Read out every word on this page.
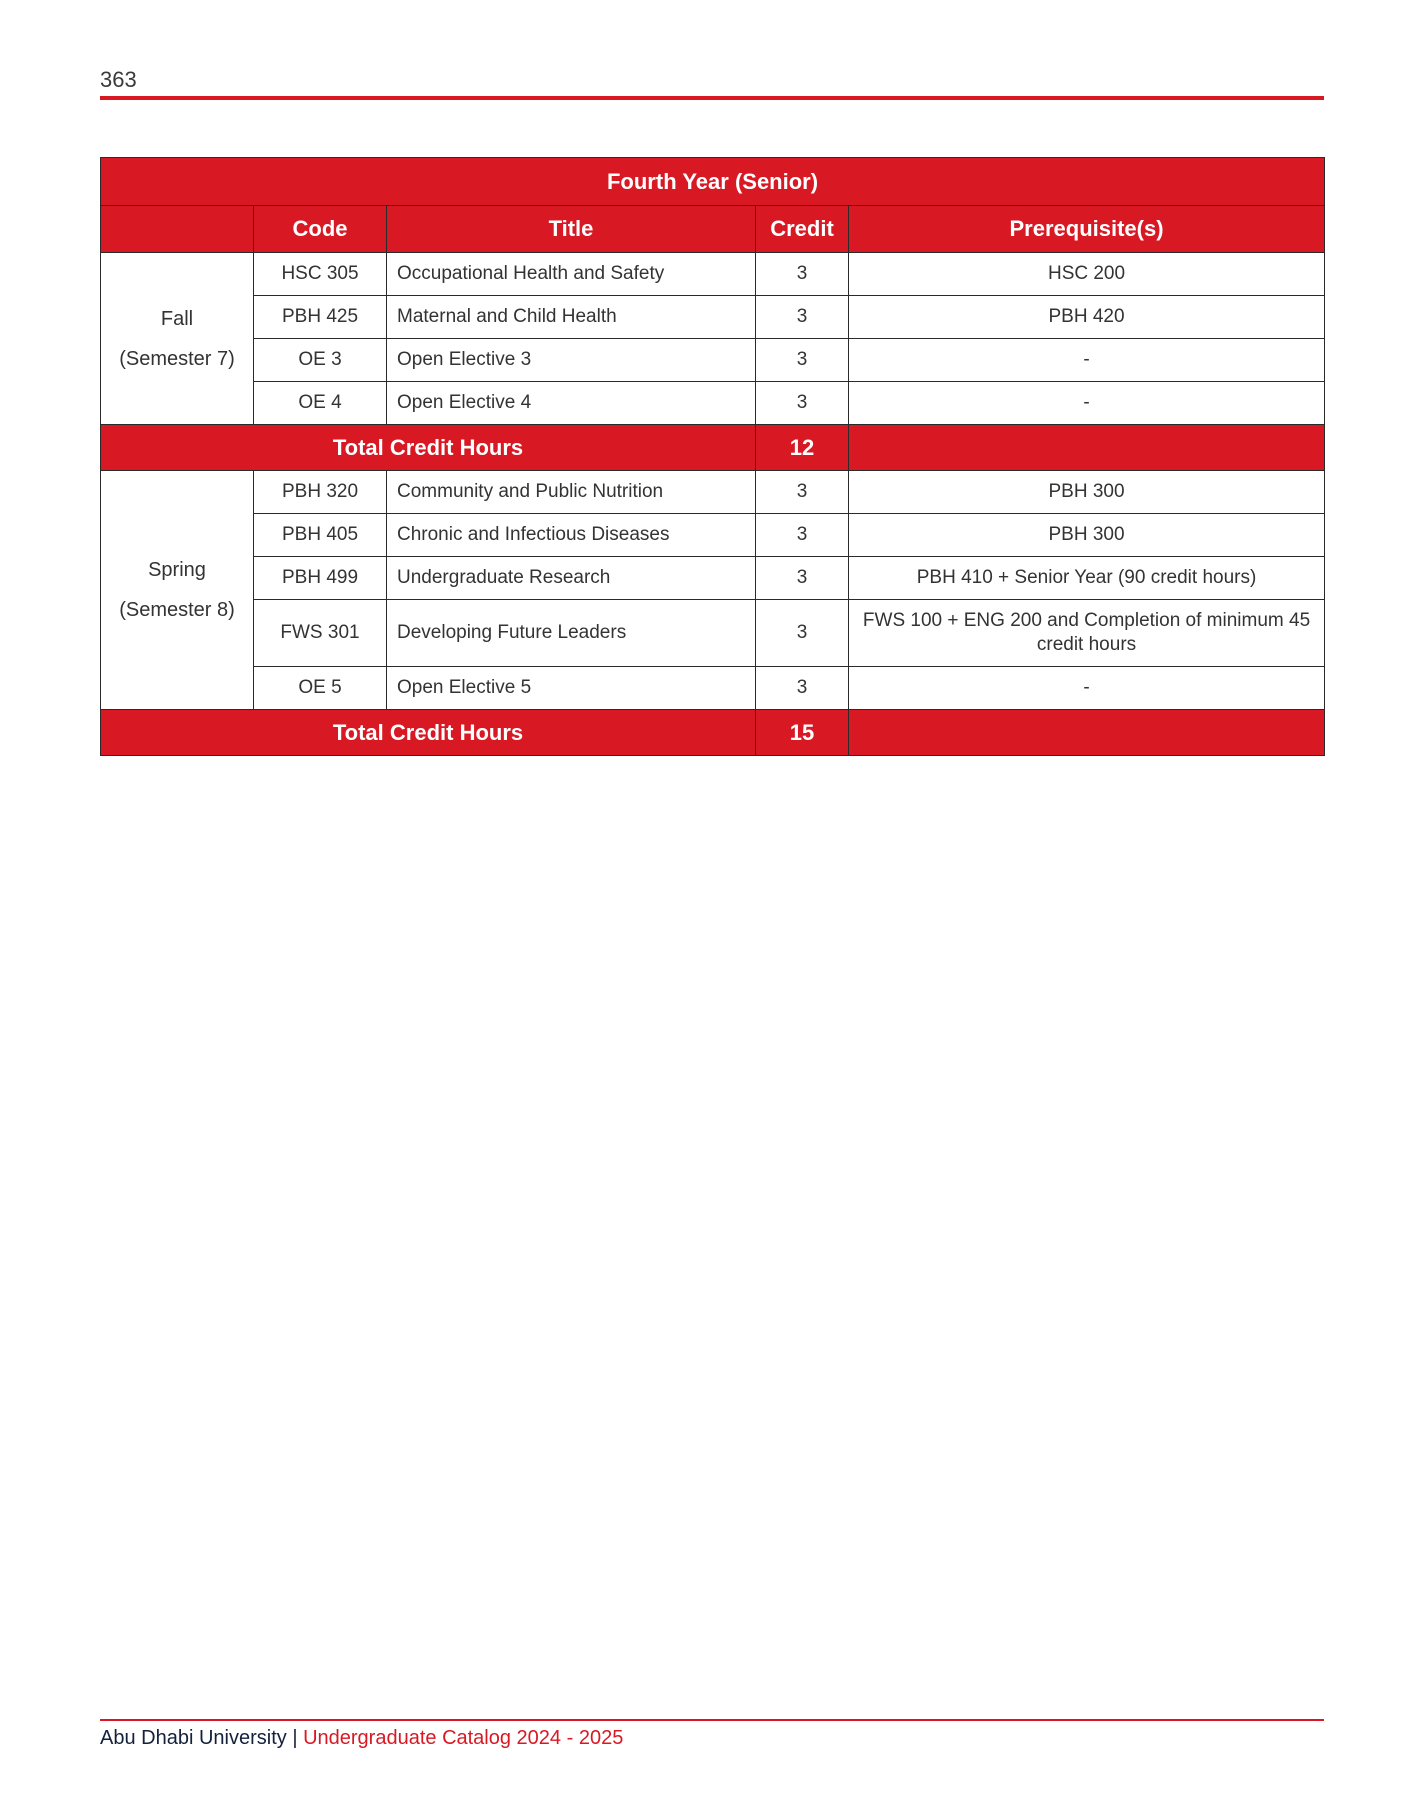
363
Fourth Year (Senior)				
	Code	Title	Credit	Prerequisite(s)

Fall
(Semester 7)	HSC 305	Occupational Health and Safety	3	HSC 200
	PBH 425	Maternal and Child Health	3	PBH 420
	OE 3	Open Elective 3	3	-
	OE 4	Open Elective 4	3	-
Total Credit Hours			12	

Spring
(Semester 8)	PBH 320	Community and Public Nutrition	3	PBH 300
	PBH 405	Chronic and Infectious Diseases	3	PBH 300
	PBH 499	Undergraduate Research	3	PBH 410 + Senior Year (90 credit hours)
	FWS 301	Developing Future Leaders	3	FWS 100 + ENG 200 and Completion of minimum 45 credit hours
	OE 5	Open Elective 5	3	-
Total Credit Hours			15	
Abu Dhabi University | Undergraduate Catalog 2024 - 2025
